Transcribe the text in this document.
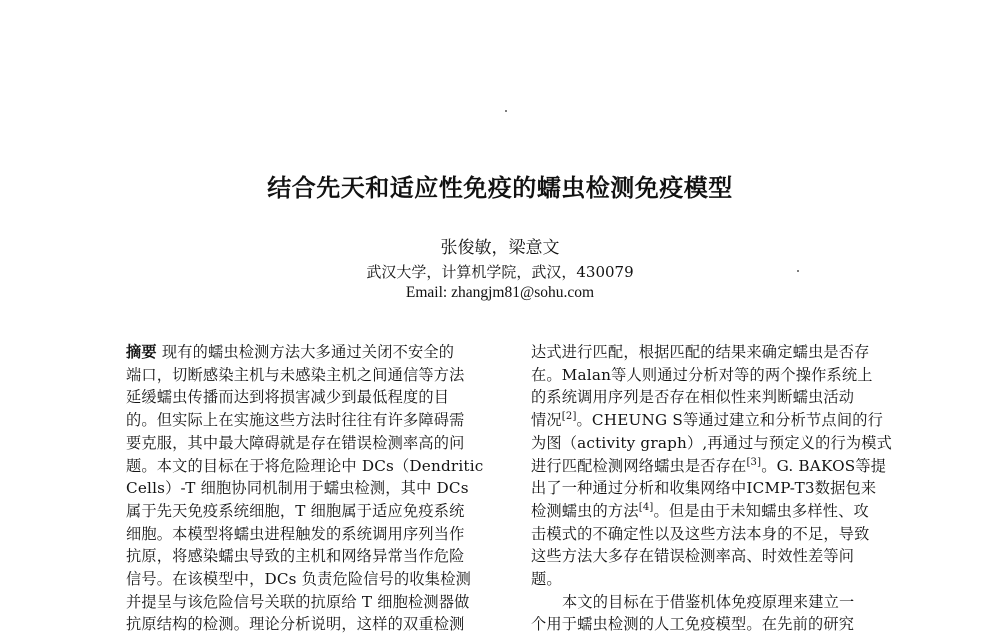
结合先天和适应性免疫的蠕虫检测免疫模型
张俊敏，梁意文
武汉大学，计算机学院，武汉，430079
Email: zhangjm81@sohu.com
摘要 现有的蠕虫检测方法大多通过关闭不安全的
端口，切断感染主机与未感染主机之间通信等方法
延缓蠕虫传播而达到将损害减少到最低程度的目
的。但实际上在实施这些方法时往往有许多障碍需
要克服，其中最大障碍就是存在错误检测率高的问
题。本文的目标在于将危险理论中 DCs（Dendritic
Cells）-T 细胞协同机制用于蠕虫检测，其中 DCs
属于先天免疫系统细胞，T 细胞属于适应免疫系统
细胞。本模型将蠕虫进程触发的系统调用序列当作
抗原，将感染蠕虫导致的主机和网络异常当作危险
信号。在该模型中，DCs 负责危险信号的收集检测
并提呈与该危险信号关联的抗原给 T 细胞检测器做
抗原结构的检测。理论分析说明，这样的双重检测
达式进行匹配，根据匹配的结果来确定蠕虫是否存
在。Malan等人则通过分析对等的两个操作系统上
的系统调用序列是否存在相似性来判断蠕虫活动
情况[2]。CHEUNG S等通过建立和分析节点间的行
为图（activity graph）,再通过与预定义的行为模式
进行匹配检测网络蠕虫是否存在[3]。G. BAKOS等提
出了一种通过分析和收集网络中ICMP-T3数据包来
检测蠕虫的方法[4]。但是由于未知蠕虫多样性、攻
击模式的不确定性以及这些方法本身的不足，导致
这些方法大多存在错误检测率高、时效性差等问
题。
本文的目标在于借鉴机体免疫原理来建立一
个用于蠕虫检测的人工免疫模型。在先前的研究
